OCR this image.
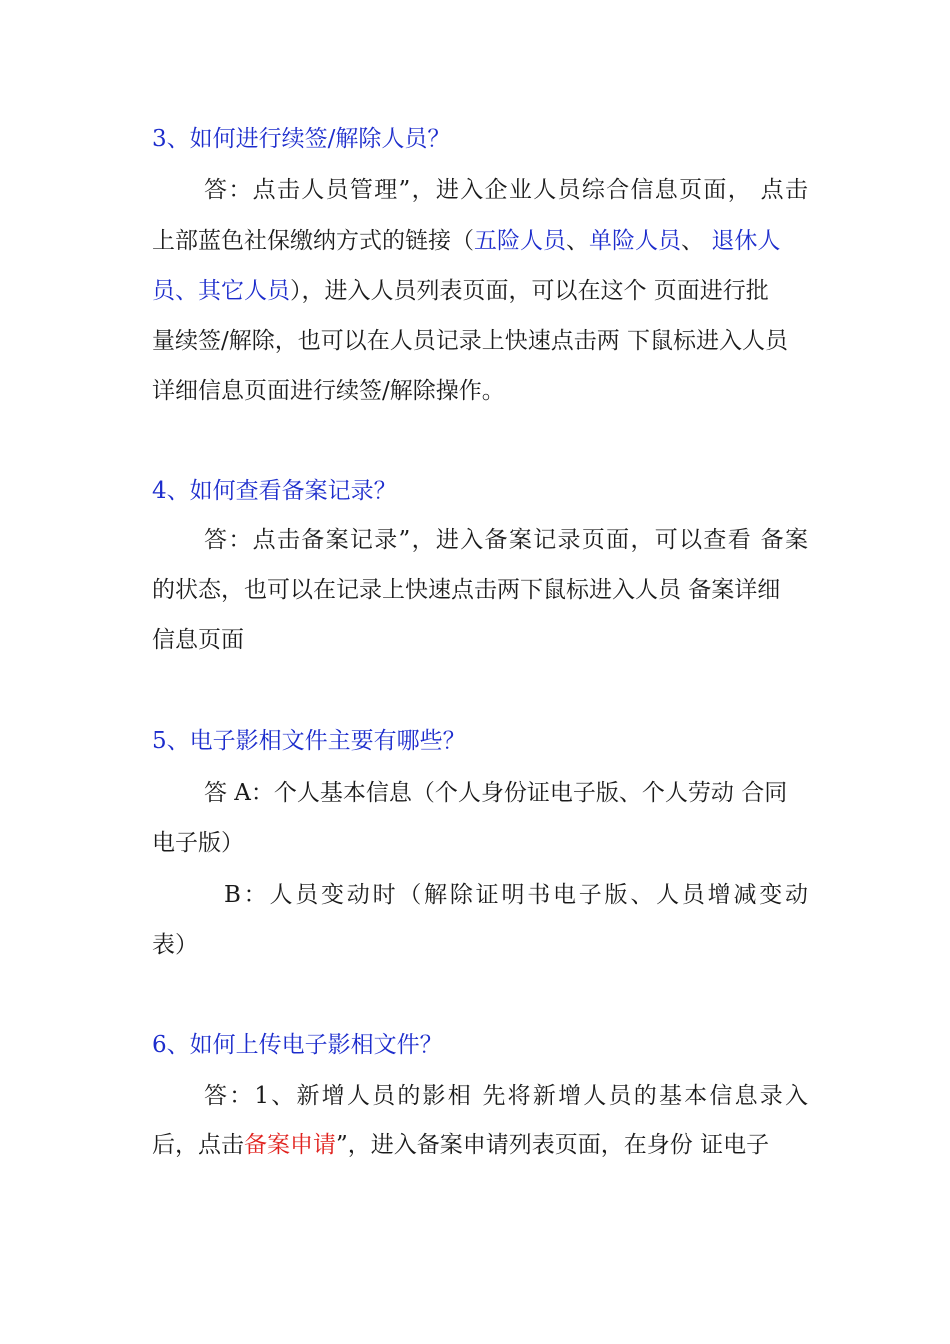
3、如何进行续签/解除人员？
答：点击人员管理”，进入企业人员综合信息页面， 点击
上部蓝色社保缴纳方式的链接（五险人员、单险人员、 退休人
员、其它人员），进入人员列表页面，可以在这个 页面进行批
量续签/解除，也可以在人员记录上快速点击两 下鼠标进入人员
详细信息页面进行续签/解除操作。
4、如何查看备案记录？
答：点击备案记录”，进入备案记录页面，可以查看 备案
的状态，也可以在记录上快速点击两下鼠标进入人员 备案详细
信息页面
5、电子影相文件主要有哪些？
答 A：个人基本信息（个人身份证电子版、个人劳动 合同
电子版）
B：人员变动时（解除证明书电子版、人员增减变动
表）
6、如何上传电子影相文件？
答：1、新增人员的影相 先将新增人员的基本信息录入
后，点击备案申请”，进入备案申请列表页面，在身份 证电子
